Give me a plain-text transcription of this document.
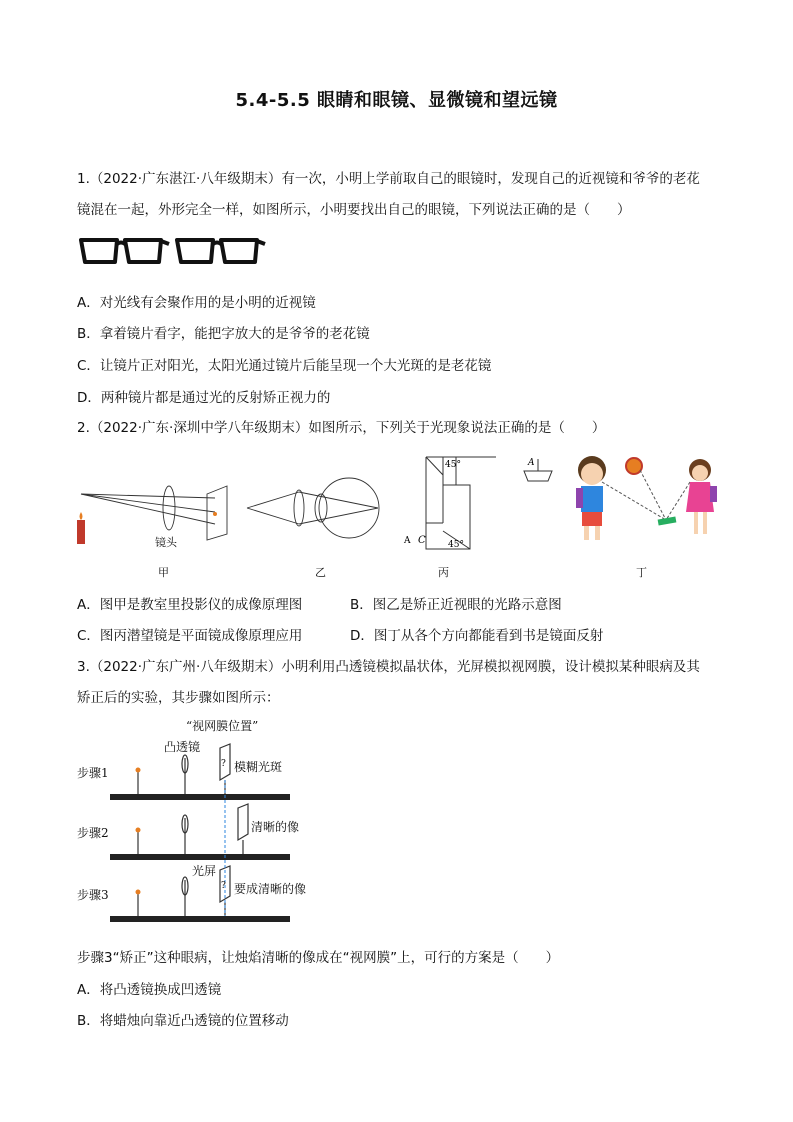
5.4-5.5 眼睛和眼镜、显微镜和望远镜
1.（2022·广东湛江·八年级期末）有一次，小明上学前取自己的眼镜时，发现自己的近视镜和爷爷的老花
镜混在一起，外形完全一样，如图所示，小明要找出自己的眼镜，下列说法正确的是（　　）
A．对光线有会聚作用的是小明的近视镜
B．拿着镜片看字，能把字放大的是爷爷的老花镜
C．让镜片正对阳光，太阳光通过镜片后能呈现一个大光斑的是老花镜
D．两种镜片都是通过光的反射矫正视力的
2.（2022·广东·深圳中学八年级期末）如图所示，下列关于光现象说法正确的是（　　）
镜头
甲	乙
45°
45°
A C
丙
A
丁
A．图甲是教室里投影仪的成像原理图	B．图乙是矫正近视眼的光路示意图
C．图丙潜望镜是平面镜成像原理应用	D．图丁从各个方向都能看到书是镜面反射
3.（2022·广东广州·八年级期末）小明利用凸透镜模拟晶状体，光屏模拟视网膜，设计模拟某种眼病及其
矫正后的实验，其步骤如图所示：
“视网膜位置”
凸透镜
?
?
步骤1
步骤2
步骤3
模糊光斑
清晰的像
光屏
要成清晰的像
步骤3“矫正”这种眼病，让烛焰清晰的像成在“视网膜”上，可行的方案是（　　）
A．将凸透镜换成凹透镜
B．将蜡烛向靠近凸透镜的位置移动
